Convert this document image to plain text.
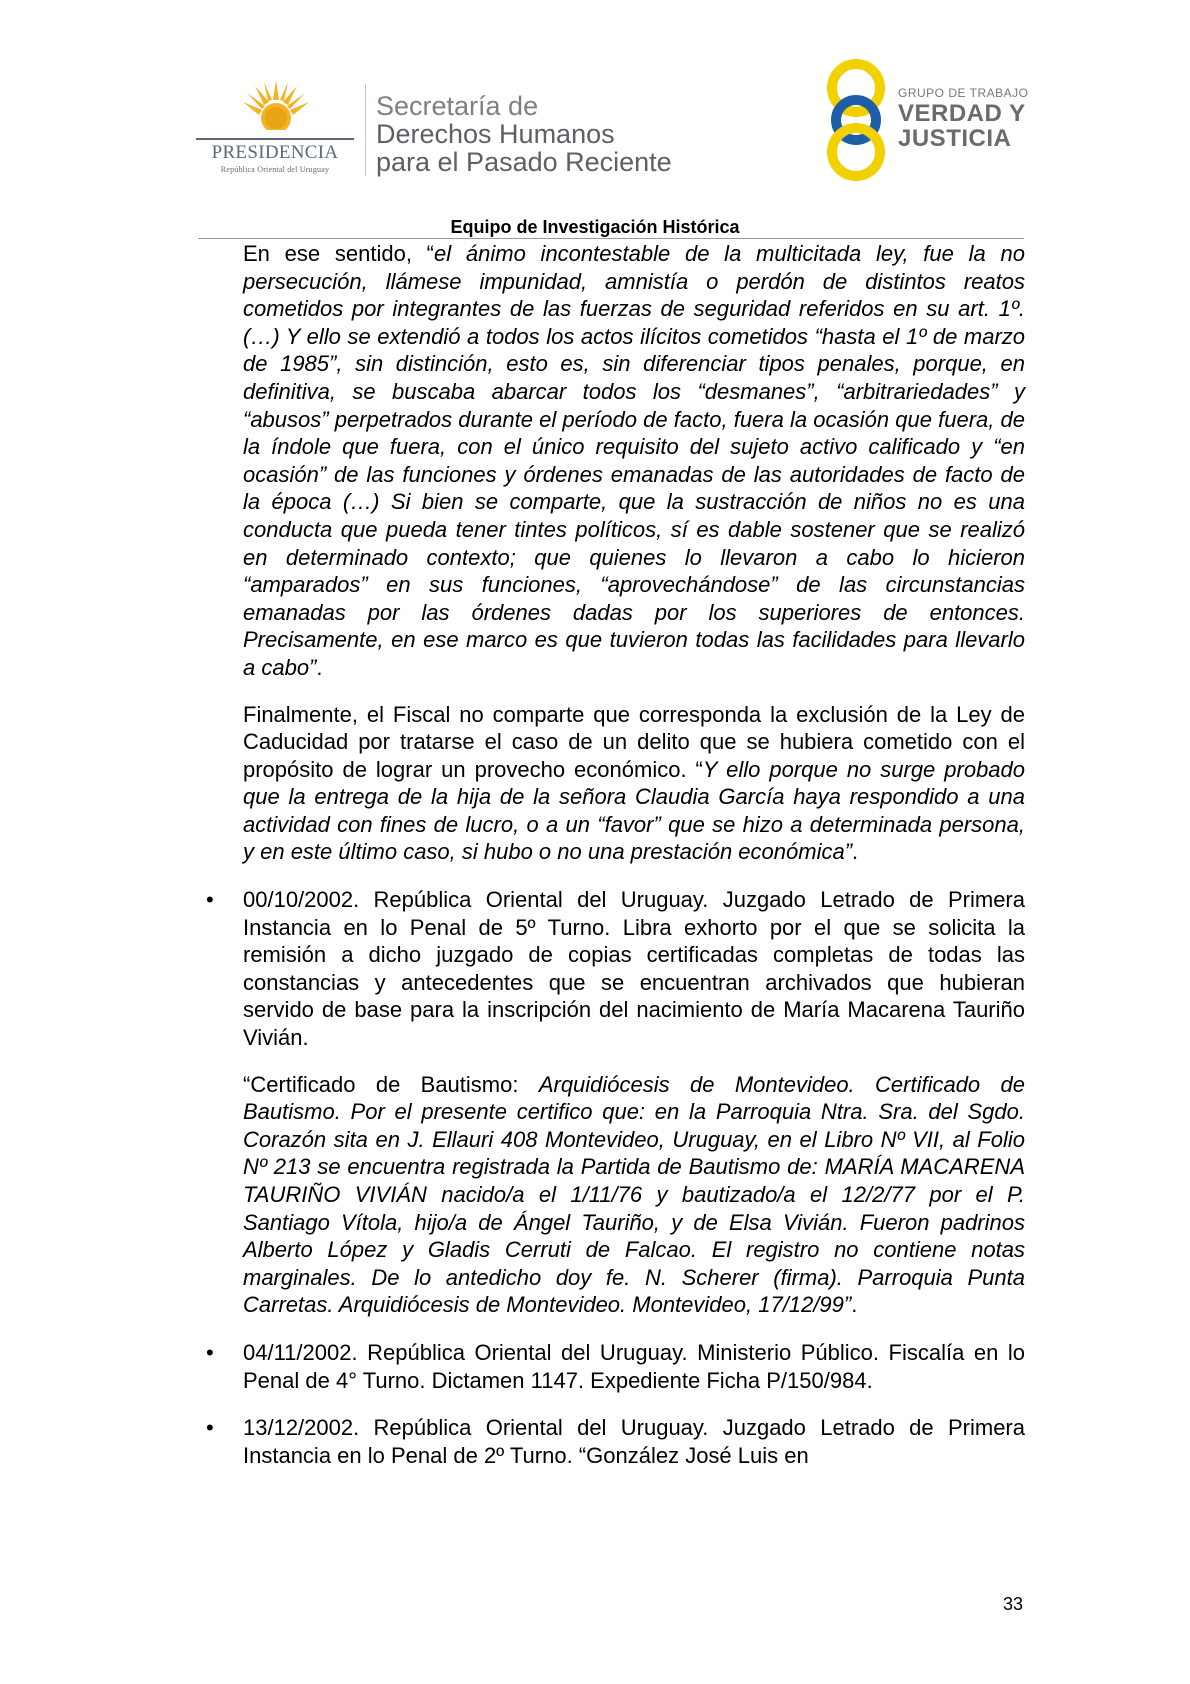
PRESIDENCIA
República Oriental del Uruguay
Secretaría de
Derechos Humanos
para el Pasado Reciente
GRUPO DE TRABAJO
VERDAD Y
JUSTICIA
Equipo de Investigación Histórica

En ese sentido, “el ánimo incontestable de la multicitada ley, fue la no persecución, llámese impunidad, amnistía o perdón de distintos reatos cometidos por integrantes de las fuerzas de seguridad referidos en su art. 1º. (…) Y ello se extendió a todos los actos ilícitos cometidos “hasta el 1º de marzo de 1985”, sin distinción, esto es, sin diferenciar tipos penales, porque, en definitiva, se buscaba abarcar todos los “desmanes”, “arbitrariedades” y “abusos” perpetrados durante el período de facto, fuera la ocasión que fuera, de la índole que fuera, con el único requisito del sujeto activo calificado y “en ocasión” de las funciones y órdenes emanadas de las autoridades de facto de la época (…) Si bien se comparte, que la sustracción de niños no es una conducta que pueda tener tintes políticos, sí es dable sostener que se realizó en determinado contexto; que quienes lo llevaron a cabo lo hicieron “amparados” en sus funciones, “aprovechándose” de las circunstancias emanadas por las órdenes dadas por los superiores de entonces. Precisamente, en ese marco es que tuvieron todas las facilidades para llevarlo a cabo”.

Finalmente, el Fiscal no comparte que corresponda la exclusión de la Ley de Caducidad por tratarse el caso de un delito que se hubiera cometido con el propósito de lograr un provecho económico. “Y ello porque no surge probado que la entrega de la hija de la señora Claudia García haya respondido a una actividad con fines de lucro, o a un “favor” que se hizo a determinada persona, y en este último caso, si hubo o no una prestación económica”.

• 00/10/2002. República Oriental del Uruguay. Juzgado Letrado de Primera Instancia en lo Penal de 5º Turno. Libra exhorto por el que se solicita la remisión a dicho juzgado de copias certificadas completas de todas las constancias y antecedentes que se encuentran archivados que hubieran servido de base para la inscripción del nacimiento de María Macarena Tauriño Vivián.

“Certificado de Bautismo: Arquidiócesis de Montevideo. Certificado de Bautismo. Por el presente certifico que: en la Parroquia Ntra. Sra. del Sgdo. Corazón sita en J. Ellauri 408 Montevideo, Uruguay, en el Libro Nº VII, al Folio Nº 213 se encuentra registrada la Partida de Bautismo de: MARÍA MACARENA TAURIÑO VIVIÁN nacido/a el 1/11/76 y bautizado/a el 12/2/77 por el P. Santiago Vítola, hijo/a de Ángel Tauriño, y de Elsa Vivián. Fueron padrinos Alberto López y Gladis Cerruti de Falcao. El registro no contiene notas marginales. De lo antedicho doy fe. N. Scherer (firma). Parroquia Punta Carretas. Arquidiócesis de Montevideo. Montevideo, 17/12/99”.

• 04/11/2002. República Oriental del Uruguay. Ministerio Público. Fiscalía en lo Penal de 4° Turno. Dictamen 1147. Expediente Ficha P/150/984.

• 13/12/2002. República Oriental del Uruguay. Juzgado Letrado de Primera Instancia en lo Penal de 2º Turno. “González José Luis en

33
